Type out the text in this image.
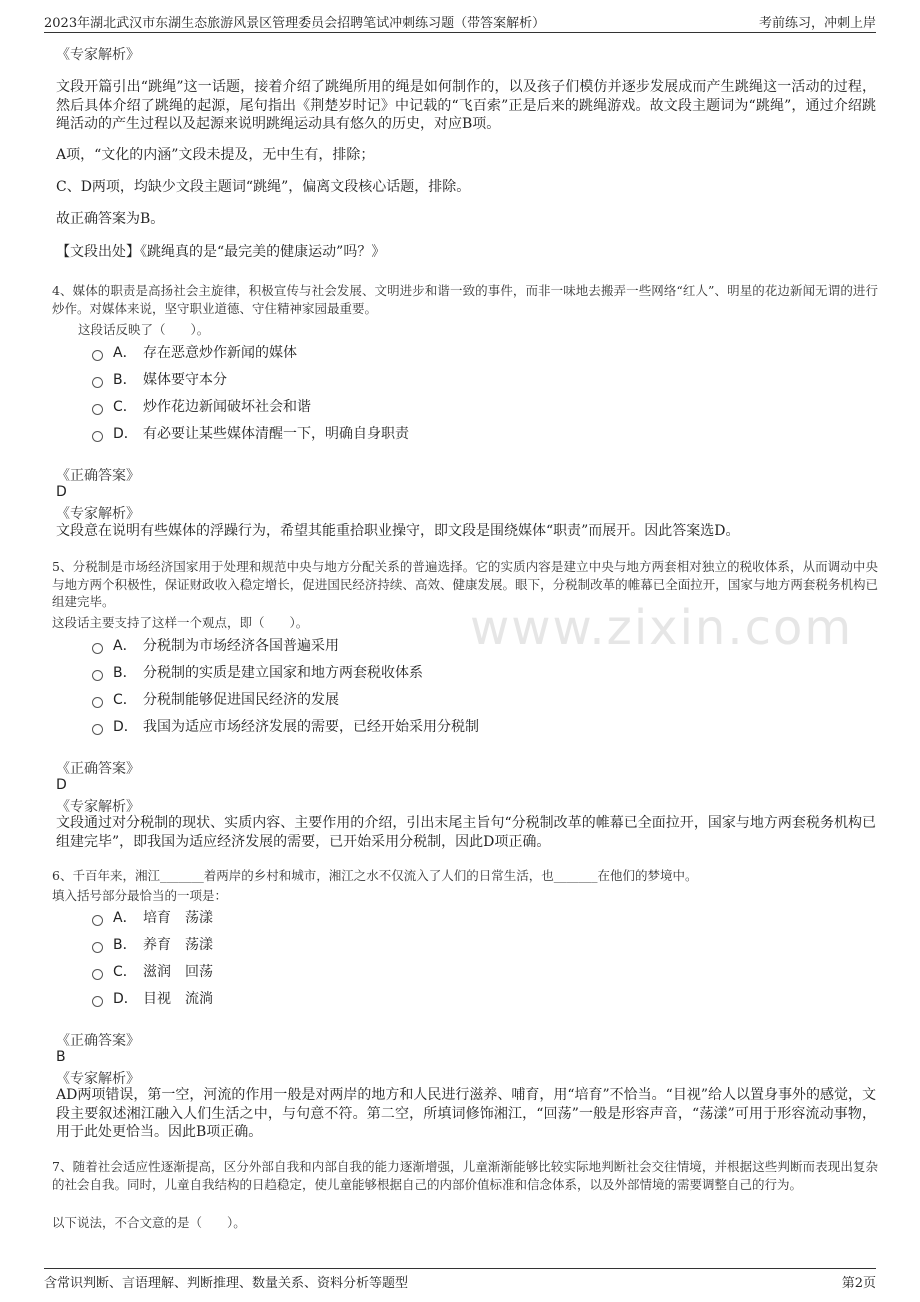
2023年湖北武汉市东湖生态旅游风景区管理委员会招聘笔试冲刺练习题（带答案解析）	考前练习，冲刺上岸
www.zixin.com
《专家解析》
文段开篇引出“跳绳”这一话题，接着介绍了跳绳所用的绳是如何制作的，以及孩子们模仿并逐步发展成而产生跳绳这一活动的过程，然后具体介绍了跳绳的起源，尾句指出《荆楚岁时记》中记载的“飞百索”正是后来的跳绳游戏。故文段主题词为“跳绳”，通过介绍跳绳活动的产生过程以及起源来说明跳绳运动具有悠久的历史，对应B项。
A项，“文化的内涵”文段未提及，无中生有，排除；
C、D两项，均缺少文段主题词“跳绳”，偏离文段核心话题，排除。
故正确答案为B。
【文段出处】《跳绳真的是“最完美的健康运动”吗？》
4、媒体的职责是高扬社会主旋律，积极宣传与社会发展、文明进步和谐一致的事件，而非一味地去搬弄一些网络“红人”、明星的花边新闻无谓的进行炒作。对媒体来说，坚守职业道德、守住精神家园最重要。
这段话反映了（　　）。
A． 存在恶意炒作新闻的媒体
B． 媒体要守本分
C． 炒作花边新闻破坏社会和谐
D． 有必要让某些媒体清醒一下，明确自身职责
《正确答案》
D
《专家解析》
文段意在说明有些媒体的浮躁行为，希望其能重拾职业操守，即文段是围绕媒体“职责”而展开。因此答案选D。
5、分税制是市场经济国家用于处理和规范中央与地方分配关系的普遍选择。它的实质内容是建立中央与地方两套相对独立的税收体系，从而调动中央与地方两个积极性，保证财政收入稳定增长，促进国民经济持续、高效、健康发展。眼下，分税制改革的帷幕已全面拉开，国家与地方两套税务机构已组建完毕。
这段话主要支持了这样一个观点，即（　　）。
A． 分税制为市场经济各国普遍采用
B． 分税制的实质是建立国家和地方两套税收体系
C． 分税制能够促进国民经济的发展
D． 我国为适应市场经济发展的需要，已经开始采用分税制
《正确答案》
D
《专家解析》
文段通过对分税制的现状、实质内容、主要作用的介绍，引出末尾主旨句“分税制改革的帷幕已全面拉开，国家与地方两套税务机构已组建完毕”，即我国为适应经济发展的需要，已开始采用分税制，因此D项正确。
6、千百年来，湘江_______着两岸的乡村和城市，湘江之水不仅流入了人们的日常生活，也_______在他们的梦境中。
填入括号部分最恰当的一项是：
A． 培育　荡漾
B． 养育　荡漾
C． 滋润　回荡
D． 目视　流淌
《正确答案》
B
《专家解析》
AD两项错误，第一空，河流的作用一般是对两岸的地方和人民进行滋养、哺育，用“培育”不恰当。“目视”给人以置身事外的感觉，文段主要叙述湘江融入人们生活之中，与句意不符。第二空，所填词修饰湘江，“回荡”一般是形容声音，“荡漾”可用于形容流动事物，用于此处更恰当。因此B项正确。
7、随着社会适应性逐渐提高，区分外部自我和内部自我的能力逐渐增强，儿童渐渐能够比较实际地判断社会交往情境，并根据这些判断而表现出复杂的社会自我。同时，儿童自我结构的日趋稳定，使儿童能够根据自己的内部价值标准和信念体系，以及外部情境的需要调整自己的行为。
以下说法，不合文意的是（　　）。
含常识判断、言语理解、判断推理、数量关系、资料分析等题型	第2页
